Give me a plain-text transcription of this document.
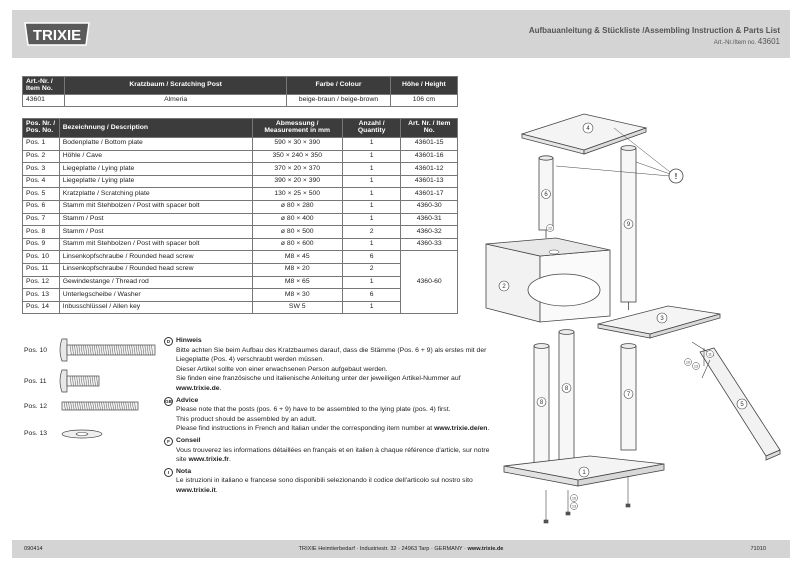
TRIXIE	Aufbauanleitung & Stückliste /Assembling Instruction & Parts List
Art.-Nr./Item no. 43601
Art.-Nr. / Item No.	Kratzbaum / Scratching Post	Farbe / Colour	Höhe / Height
43601	Almeria	beige-braun / beige-brown	106 cm
Pos. Nr. / Pos. No.	Bezeichnung / Description	Abmessung / Measurement in mm	Anzahl / Quantity	Art. Nr. / Item No.
Pos. 1	Bodenplatte / Bottom plate	590 × 30 × 390	1	43601-15
Pos. 2	Höhle / Cave	350 × 240 × 350	1	43601-16
Pos. 3	Liegeplatte / Lying plate	370 × 20 × 370	1	43601-12
Pos. 4	Liegeplatte / Lying plate	390 × 20 × 390	1	43601-13
Pos. 5	Kratzplatte / Scratching plate	130 × 25 × 500	1	43601-17
Pos. 6	Stamm mit Stehbolzen / Post with spacer bolt	ø 80 × 280	1	4360-30
Pos. 7	Stamm / Post	ø 80 × 400	1	4360-31
Pos. 8	Stamm / Post	ø 80 × 500	2	4360-32
Pos. 9	Stamm mit Stehbolzen / Post with spacer bolt	ø 80 × 600	1	4360-33
Pos. 10	Linsenkopfschraube / Rounded head screw	M8 × 45	6	4360-60
Pos. 11	Linsenkopfschraube / Rounded head screw	M8 × 20	2	
Pos. 12	Gewindestange / Thread rod	M8 × 65	1	
Pos. 13	Unterlegscheibe / Washer	M8 × 30	6	
Pos. 14	Inbusschlüssel / Allen key	SW 5	1	
Pos. 10
Pos. 11
Pos. 12
Pos. 13
D Hinweis

Bitte achten Sie beim Aufbau des Kratzbaumes darauf, dass die Stämme (Pos. 6 + 9) als erstes mit der Liegeplatte (Pos. 4) verschraubt werden müssen.

Dieser Artikel sollte von einer erwachsenen Person aufgebaut werden.

Sie finden eine französische und italienische Anleitung unter der jeweiligen Artikel-Nummer auf www.trixie.de.

GB Advice

Please note that the posts (pos. 6 + 9) have to be assembled to the lying plate (pos. 4) first.

This product should be assembled by an adult.

Please find instructions in French and Italian under the corresponding item number at www.trixie.de/en.

F Conseil

Vous trouverez les informations détaillées en français et en italien à chaque référence d'article, sur notre site www.trixie.fr.

I	Nota

Le istruzioni in italiano e francese sono disponibili selezionando il codice dell'articolo sul nostro sito www.trixie.it.

4
6
9
!
2
3
8
8
7
5
1
10
11
13
12
10
13
090414	TRIXIE Heimtierbedarf · Industriestr. 32 · 24963 Tarp · GERMANY · www.trixie.de	71010
